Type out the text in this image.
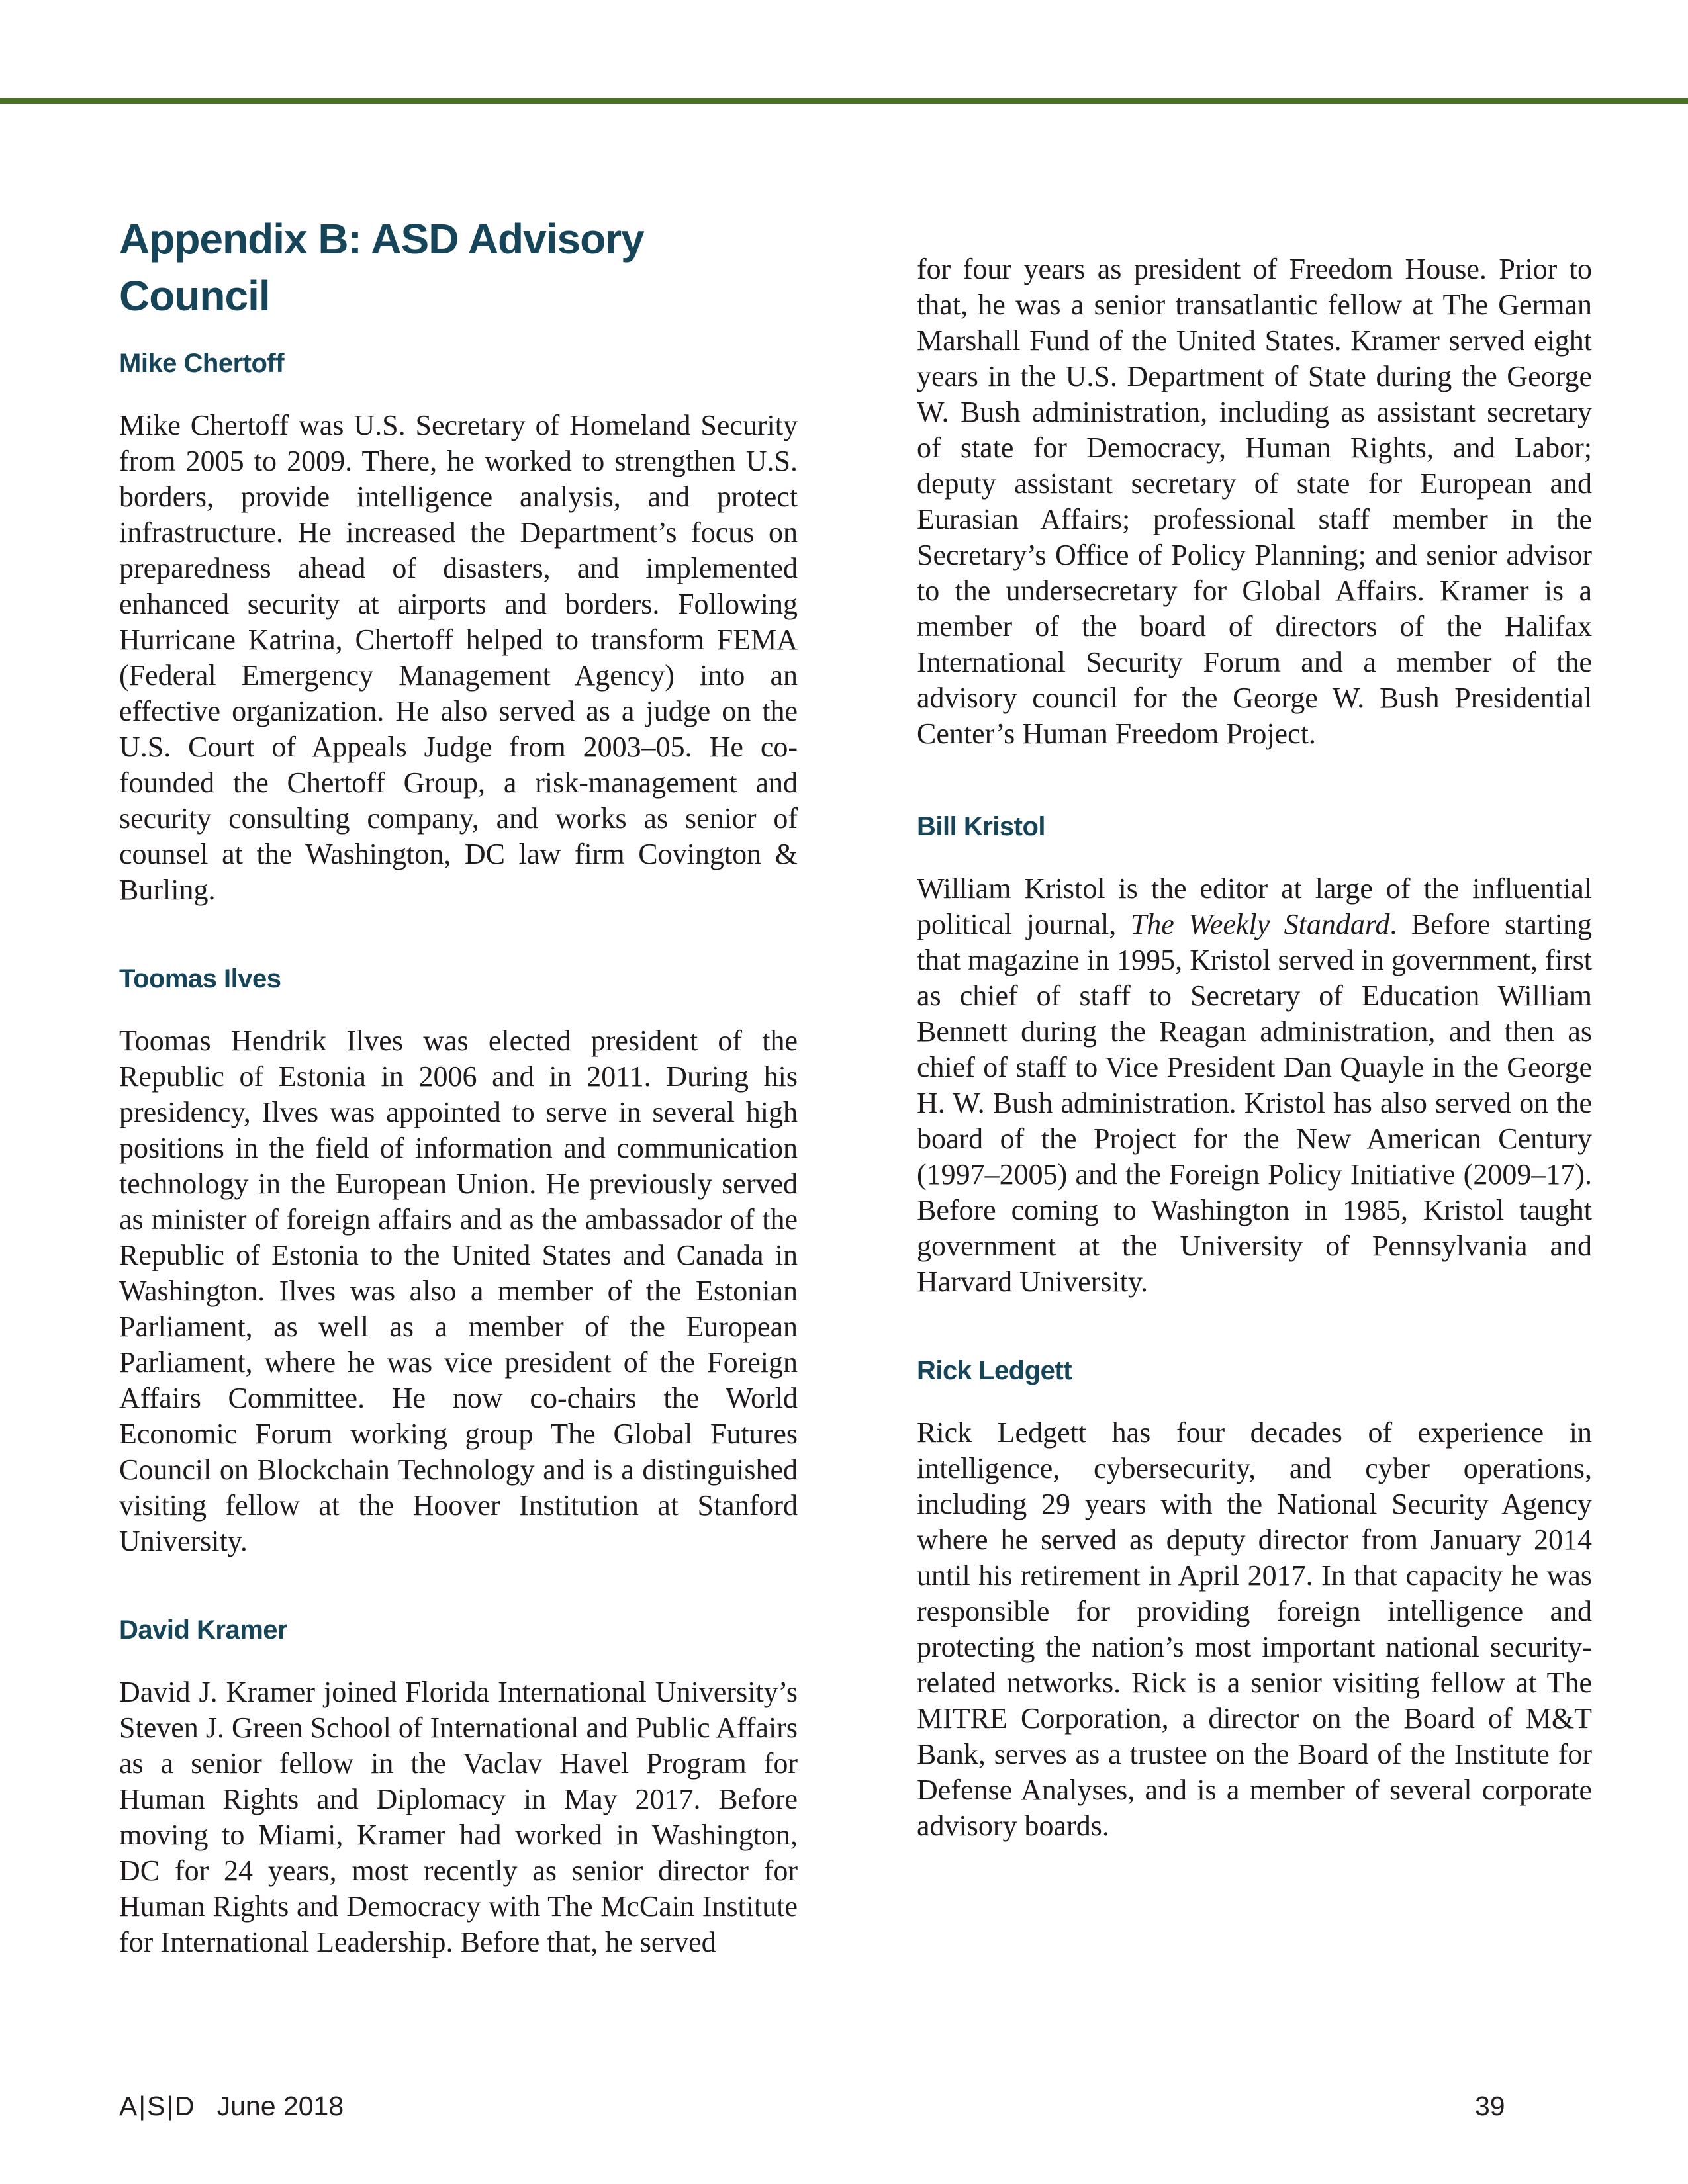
Appendix B: ASD Advisory Council
Mike Chertoff

Mike Chertoff was U.S. Secretary of Homeland Security from 2005 to 2009. There, he worked to strengthen U.S. borders, provide intelligence analysis, and protect infrastructure. He increased the Department’s focus on preparedness ahead of disasters, and implemented enhanced security at airports and borders. Following Hurricane Katrina, Chertoff helped to transform FEMA (Federal Emergency Management Agency) into an effective organization. He also served as a judge on the U.S. Court of Appeals Judge from 2003–05. He co-founded the Chertoff Group, a risk-management and security consulting company, and works as senior of counsel at the Washington, DC law firm Covington & Burling.

Toomas Ilves

Toomas Hendrik Ilves was elected president of the Republic of Estonia in 2006 and in 2011. During his presidency, Ilves was appointed to serve in several high positions in the field of information and communication technology in the European Union. He previously served as minister of foreign affairs and as the ambassador of the Republic of Estonia to the United States and Canada in Washington. Ilves was also a member of the Estonian Parliament, as well as a member of the European Parliament, where he was vice president of the Foreign Affairs Committee. He now co-chairs the World Economic Forum working group The Global Futures Council on Blockchain Technology and is a distinguished visiting fellow at the Hoover Institution at Stanford University.

David Kramer

David J. Kramer joined Florida International University’s Steven J. Green School of International and Public Affairs as a senior fellow in the Vaclav Havel Program for Human Rights and Diplomacy in May 2017. Before moving to Miami, Kramer had worked in Washington, DC for 24 years, most recently as senior director for Human Rights and Democracy with The McCain Institute for International Leadership. Before that, he served

for four years as president of Freedom House. Prior to that, he was a senior transatlantic fellow at The German Marshall Fund of the United States. Kramer served eight years in the U.S. Department of State during the George W. Bush administration, including as assistant secretary of state for Democracy, Human Rights, and Labor; deputy assistant secretary of state for European and Eurasian Affairs; professional staff member in the Secretary’s Office of Policy Planning; and senior advisor to the undersecretary for Global Affairs. Kramer is a member of the board of directors of the Halifax International Security Forum and a member of the advisory council for the George W. Bush Presidential Center’s Human Freedom Project.

Bill Kristol

William Kristol is the editor at large of the influential political journal, The Weekly Standard. Before starting that magazine in 1995, Kristol served in government, first as chief of staff to Secretary of Education William Bennett during the Reagan administration, and then as chief of staff to Vice President Dan Quayle in the George H. W. Bush administration. Kristol has also served on the board of the Project for the New American Century (1997–2005) and the Foreign Policy Initiative (2009–17). Before coming to Washington in 1985, Kristol taught government at the University of Pennsylvania and Harvard University.

Rick Ledgett

Rick Ledgett has four decades of experience in intelligence, cybersecurity, and cyber operations, including 29 years with the National Security Agency where he served as deputy director from January 2014 until his retirement in April 2017. In that capacity he was responsible for providing foreign intelligence and protecting the nation’s most important national security-related networks. Rick is a senior visiting fellow at The MITRE Corporation, a director on the Board of M&T Bank, serves as a trustee on the Board of the Institute for Defense Analyses, and is a member of several corporate advisory boards.

A|S|D June 2018	39
